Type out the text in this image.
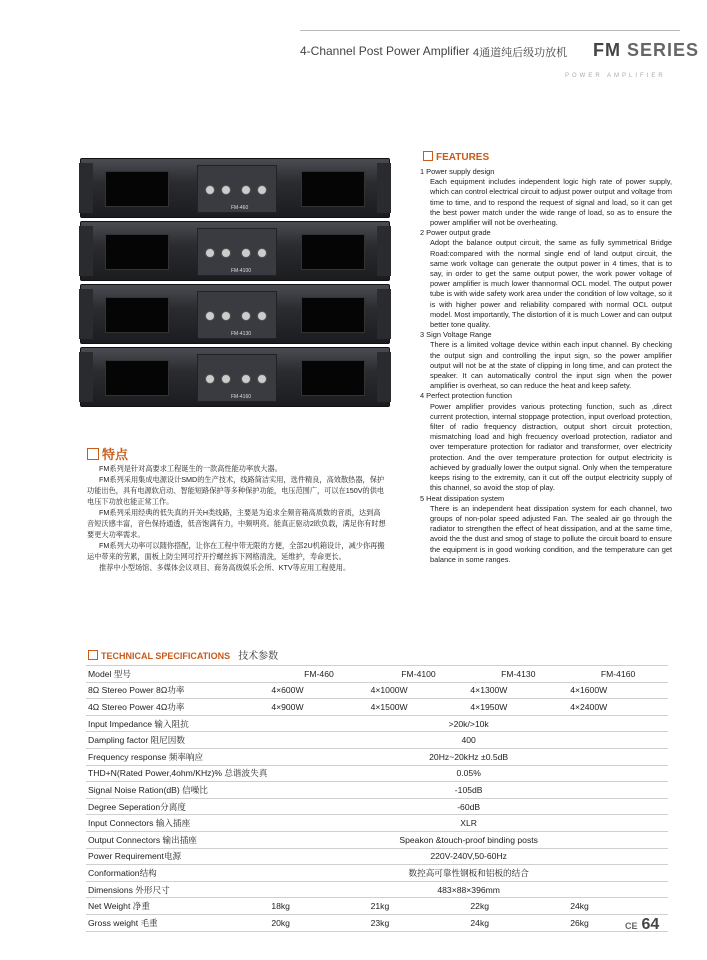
4-Channel Post Power Amplifier 4通道纯后级功放机 FM SERIES
POWER AMPLIFIER
FM-460
FM-4100
FM-4130
FM-4160
FEATURES

1 Power supply design

Each equipment includes independent logic high rate of power supply, which can control electrical circuit to adjust power output and voltage from time to time, and to respond the request of signal and load, so it can get the best power match under the wide range of load, so as to ensure the power amplifier will not be overheating.

2 Power output grade

Adopt the balance output circuit, the same as fully symmetrical Bridge Road:compared with the normal single end of land output circuit, the same work voltage can generate the output power in 4 times, that is to say, in order to get the same output power, the work power voltage of power amplifier is much lower thannormal OCL model. The output power tube is with wide safety work area under the condition of low voltage, so it is with higher power and reliability compared with normal OCL output model. Most importantly, The distortion of it is much Lower and can output better tone quality.

3 Sign Voltage Range

There is a limited voltage device within each input channel. By checking the output sign and controlling the input sign, so the power amplifier output will not be at the state of clipping in long time, and can protect the speaker. It can automatically control the input sign when the power amplifier is overheat, so can reduce the heat and keep safety.

4 Perfect protection function

Power amplifier provides various protecting function, such as ,direct current protection, internal stoppage protection, input overload protection, filter of radio frequency distraction, output short circuit protection, mismatching load and high frecuency overload protection, radiator and over temperature protection for radiator and transformer, over electricity protection. And the over temperature protection for output electricity is achieved by gradually lower the output signal. Only when the temperature keeps rising to the extremity, can it cut off the output electricity supply of this channel, so avoid the stop of play.

5 Heat dissipation system

There is an independent heat dissipation system for each channel, two groups of non-polar speed adjusted Fan. The sealed air go through the radiator to strengthen the effect of heat dissipation, and at the same time, avoid the the dust and smog of stage to pollute the circuit board to ensure the equipment is in good working condition, and the temperature can get balance in some ranges.

特点

FM系列是针对高要求工程诞生的一款高性能功率放大器。

FM系列采用集成电源设计SMD的生产技术，线路简洁实用，选件精良，高效散热器，保护功能出色，具有电源软启动、智能短路保护等多种保护功能，电压范围广，可以在150V的供电电压下功放也能正常工作。

FM系列采用经典的低失真的开关H类线路，主要是为追求全频音箱高质数的音质，达到高音短沃感丰富，音色保持通透，低音饱满有力，中频明亮。能真正驱动2欧负载，满足你有时想要更大功率需求。

FM系列大功率可以随你搭配，让你在工程中带无限的方便，全部2U机箱设计，减少你再搬运中带来的劳累，面板上防尘网可拧开拧螺丝拆下网格清洗，延维护，寿命更长。

推荐中小型场馆、多媒体会议项目、商务高级娱乐会所、KTV等应用工程使用。

TECHNICAL SPECIFICATIONS 技术参数
Model 型号	FM-460	FM-4100	FM-4130	FM-4160
8Ω Stereo Power 8Ω功率	4×600W	4×1000W	4×1300W	4×1600W
4Ω Stereo Power 4Ω功率	4×900W	4×1500W	4×1950W	4×2400W
Input Impedance 输入阻抗	>20k/>10k			
Dampling factor 阻尼因数	400			
Frequency response 频率响应	20Hz~20kHz ±0.5dB			
THD+N(Rated Power,4ohm/KHz)% 总谐波失真	0.05%			
Signal Noise Ration(dB) 信噪比	-105dB			
Degree Seperation分离度	-60dB			
Input Connectors 输入插座	XLR			
Output Connectors 输出插座	Speakon &touch-proof binding posts			
Power Requirement电源	220V-240V,50-60Hz			
Conformation结构	数控高可靠性钢板和铝板的结合			
Dimensions 外形尺寸	483×88×396mm			
Net Weight 净重	18kg	21kg	22kg	24kg
Gross weight 毛重	20kg	23kg	24kg	26kg	CE 64
